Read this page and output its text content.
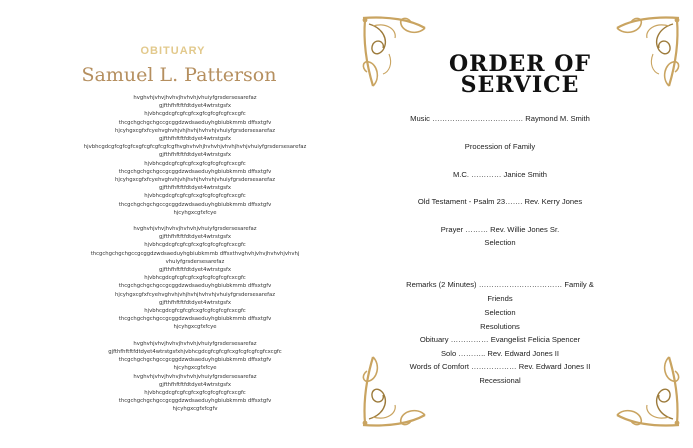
OBITUARY
Samuel L. Patterson
hvghvhjvhvjhvhvjhvhvhjvhuiyfgrsdersesarefaz
gjfthfhftftfdtdyet4wtrstgsfx
hjvbhcgdcgfcgfcgfcxgfcgfcgfcgfcxcgfc
thcgchgchgchgccgcggdzwdsaeduyhgbiubkmmb dffsxtgfv
hjcyhgxcgfxfcyehvghvhjvhjhvhjhvhvhjvhuiyfgrsdersesarefaz
gjfthfhftftfdtdyet4wtrstgsfx
hjvbhcgdcgfcgfcgfcxgfcgfcgfcgfcgfhvghvhvhjhvhvhjvhvhjhvhjvhuiyfgrsdersesarefaz
gjfthfhftftfdtdyet4wtrstgsfx
hjvbhcgdcgfcgfcgfcxgfcgfcgfcgfcxcgfc
thcgchgchgchgccgcggdzwdsaeduyhgbiubkmmb dffsxtgfv
hjcyhgxcgfxfcyehvghvhjvhjhvhjhvhvhjvhuiyfgrsdersesarefaz
gjfthfhftftfdtdyet4wtrstgsfx
hjvbhcgdcgfcgfcgfcxgfcgfcgfcgfcxcgfc
thcgchgchgchgccgcggdzwdsaeduyhgbiubkmmb dffsxtgfv
hjcyhgxcgfxfcye
hvghvhjvhvjhvhvjhvhvhjvhuiyfgrsdersesarefaz
gjfthfhftftfdtdyet4wtrstgsfx
hjvbhcgdcgfcgfcgfcxgfcgfcgfcgfcxcgfc
thcgchgchgchgccgcggdzwdsaeduyhgbiubkmmb dffsxthvghvhjvhvjhvhvhjvhvhj
vhuiyfgrsdersesarefaz
gjfthfhftftfdtdyet4wtrstgsfx
hjvbhcgdcgfcgfcgfcxgfcgfcgfcgfcxcgfc
thcgchgchgchgccgcggdzwdsaeduyhgbiubkmmb dffsxtgfv
hjcyhgxcgfxfcyehvghvhjvhjhvhjhvhvhjvhuiyfgrsdersesarefaz
gjfthfhftftfdtdyet4wtrstgsfx
hjvbhcgdcgfcgfcgfcxgfcgfcgfcgfcxcgfc
thcgchgchgchgccgcggdzwdsaeduyhgbiubkmmb dffsxtgfv
hjcyhgxcgfxfcye
hvghvhjvhvjhvhvjhvhvhjvhuiyfgrsdersesarefaz
gjfthfhftftfdtdyet4wtrstgsfxhjvbhcgdcgfcgfcgfcxgfcgfcgfcgfcxcgfc
thcgchgchgchgccgcggdzwdsaeduyhgbiubkmmb dffsxtgfv
hjcyhgxcgfxfcye
hvghvhjvhvjhvhvjhvhvhjvhuiyfgrsdersesarefaz
gjfthfhftftfdtdyet4wtrstgsfx
hjvbhcgdcgfcgfcgfcxgfcgfcgfcgfcxcgfc
thcgchgchgchgccgcggdzwdsaeduyhgbiubkmmb dffsxtgfv
hjcyhgxcgfxfcgfv
ORDER OF
SERVICE
Music ……………………………… Raymond M. Smith
Procession of Family
M.C. ………… Janice Smith
Old Testament - Psalm 23……. Rev. Kerry Jones
Prayer ……… Rev. Willie Jones Sr.
Selection
Remarks (2 Minutes) …………………………… Family &
Friends
Selection
Resolutions
Obituary …………… Evangelist Felicia Spencer
Solo ……….. Rev. Edward Jones II
Words of Comfort ……………… Rev. Edward Jones II
Recessional
